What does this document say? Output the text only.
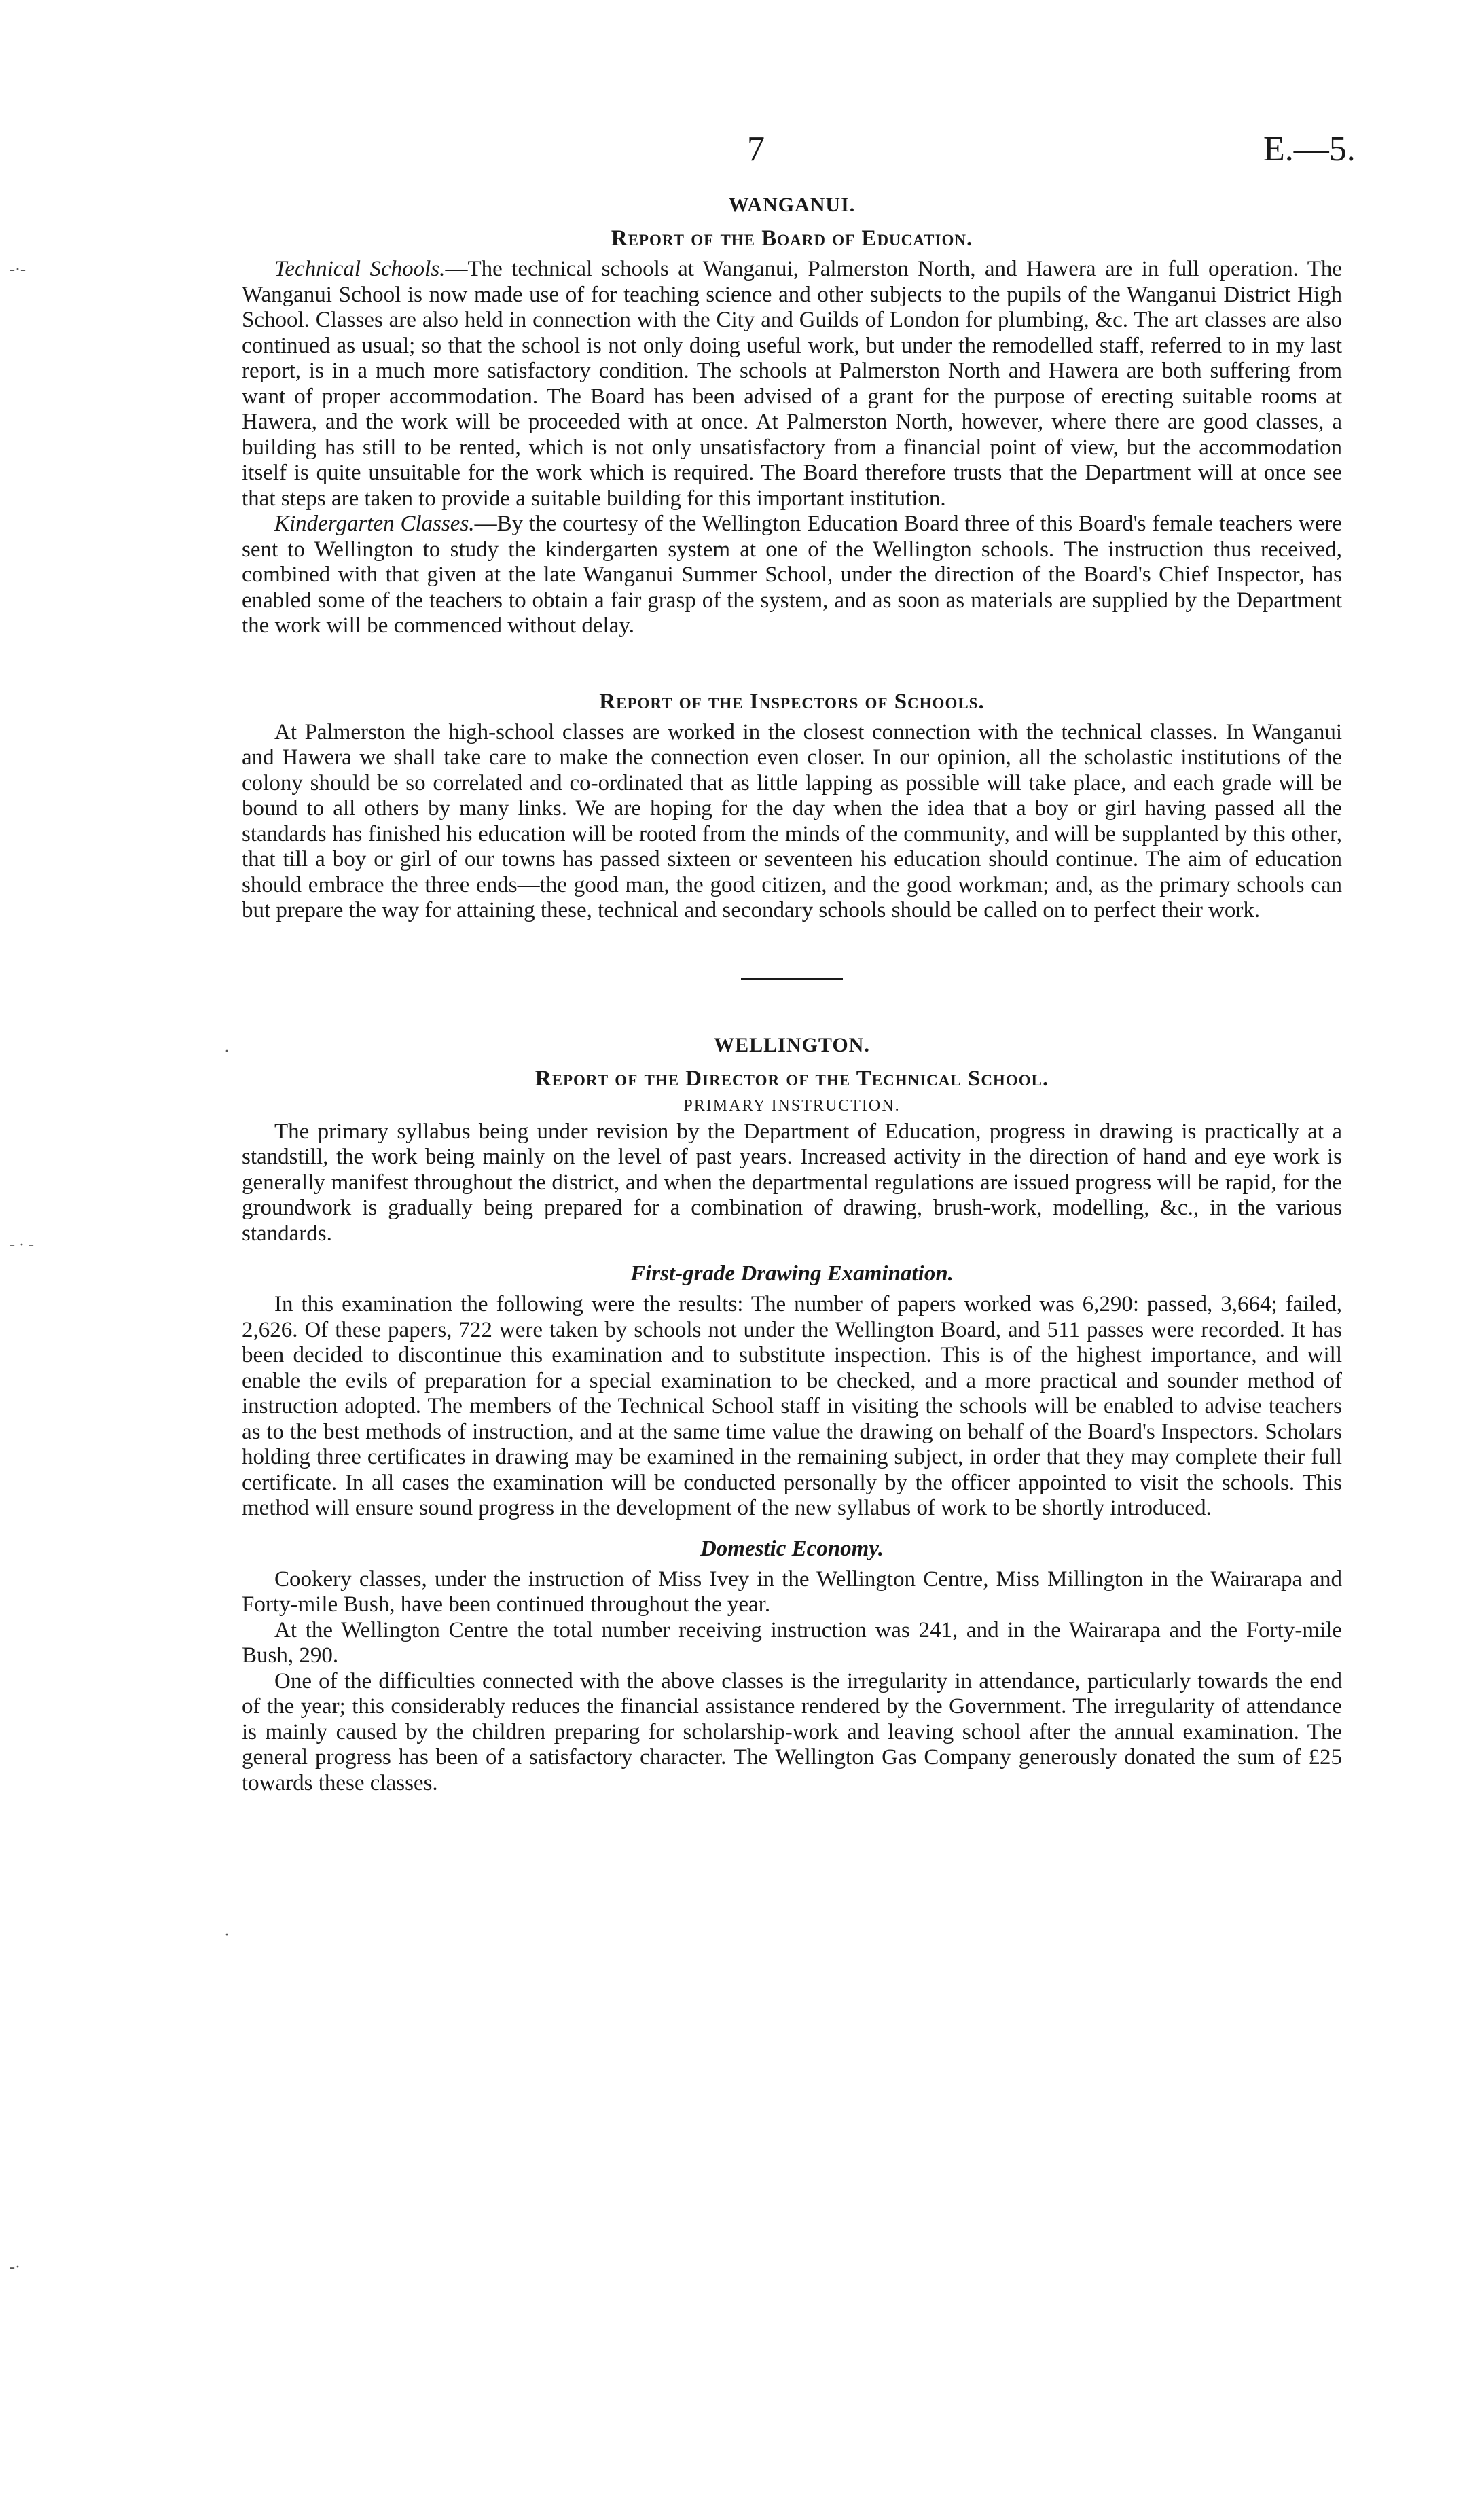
-·-
- · -
·
·
-·
7	E.—5.
WANGANUI.
Report of the Board of Education.

Technical Schools.—The technical schools at Wanganui, Palmerston North, and Hawera are in full operation. The Wanganui School is now made use of for teaching science and other subjects to the pupils of the Wanganui District High School. Classes are also held in connection with the City and Guilds of London for plumbing, &c. The art classes are also continued as usual; so that the school is not only doing useful work, but under the remodelled staff, referred to in my last report, is in a much more satisfactory condition. The schools at Palmerston North and Hawera are both suffering from want of proper accommodation. The Board has been advised of a grant for the purpose of erecting suitable rooms at Hawera, and the work will be proceeded with at once. At Palmerston North, however, where there are good classes, a building has still to be rented, which is not only unsatisfactory from a financial point of view, but the accommodation itself is quite unsuitable for the work which is required. The Board therefore trusts that the Department will at once see that steps are taken to provide a suitable building for this important institution.

Kindergarten Classes.—By the courtesy of the Wellington Education Board three of this Board's female teachers were sent to Wellington to study the kindergarten system at one of the Wellington schools. The instruction thus received, combined with that given at the late Wanganui Summer School, under the direction of the Board's Chief Inspector, has enabled some of the teachers to obtain a fair grasp of the system, and as soon as materials are supplied by the Department the work will be commenced without delay.

Report of the Inspectors of Schools.

At Palmerston the high-school classes are worked in the closest connection with the technical classes. In Wanganui and Hawera we shall take care to make the connection even closer. In our opinion, all the scholastic institutions of the colony should be so correlated and co-ordinated that as little lapping as possible will take place, and each grade will be bound to all others by many links. We are hoping for the day when the idea that a boy or girl having passed all the standards has finished his education will be rooted from the minds of the community, and will be supplanted by this other, that till a boy or girl of our towns has passed sixteen or seventeen his education should continue. The aim of education should embrace the three ends—the good man, the good citizen, and the good workman; and, as the primary schools can but prepare the way for attaining these, technical and secondary schools should be called on to perfect their work.

WELLINGTON.
Report of the Director of the Technical School.
PRIMARY INSTRUCTION.

The primary syllabus being under revision by the Department of Education, progress in drawing is practically at a standstill, the work being mainly on the level of past years. Increased activity in the direction of hand and eye work is generally manifest throughout the district, and when the departmental regulations are issued progress will be rapid, for the groundwork is gradually being prepared for a combination of drawing, brush-work, modelling, &c., in the various standards.

First-grade Drawing Examination.

In this examination the following were the results: The number of papers worked was 6,290: passed, 3,664; failed, 2,626. Of these papers, 722 were taken by schools not under the Wellington Board, and 511 passes were recorded. It has been decided to discontinue this examination and to substitute inspection. This is of the highest importance, and will enable the evils of preparation for a special examination to be checked, and a more practical and sounder method of instruction adopted. The members of the Technical School staff in visiting the schools will be enabled to advise teachers as to the best methods of instruction, and at the same time value the drawing on behalf of the Board's Inspectors. Scholars holding three certificates in drawing may be examined in the remaining subject, in order that they may complete their full certificate. In all cases the examination will be conducted personally by the officer appointed to visit the schools. This method will ensure sound progress in the development of the new syllabus of work to be shortly introduced.

Domestic Economy.

Cookery classes, under the instruction of Miss Ivey in the Wellington Centre, Miss Millington in the Wairarapa and Forty-mile Bush, have been continued throughout the year.

At the Wellington Centre the total number receiving instruction was 241, and in the Wairarapa and the Forty-mile Bush, 290.

One of the difficulties connected with the above classes is the irregularity in attendance, particularly towards the end of the year; this considerably reduces the financial assistance rendered by the Government. The irregularity of attendance is mainly caused by the children preparing for scholarship-work and leaving school after the annual examination. The general progress has been of a satisfactory character. The Wellington Gas Company generously donated the sum of £25 towards these classes.
